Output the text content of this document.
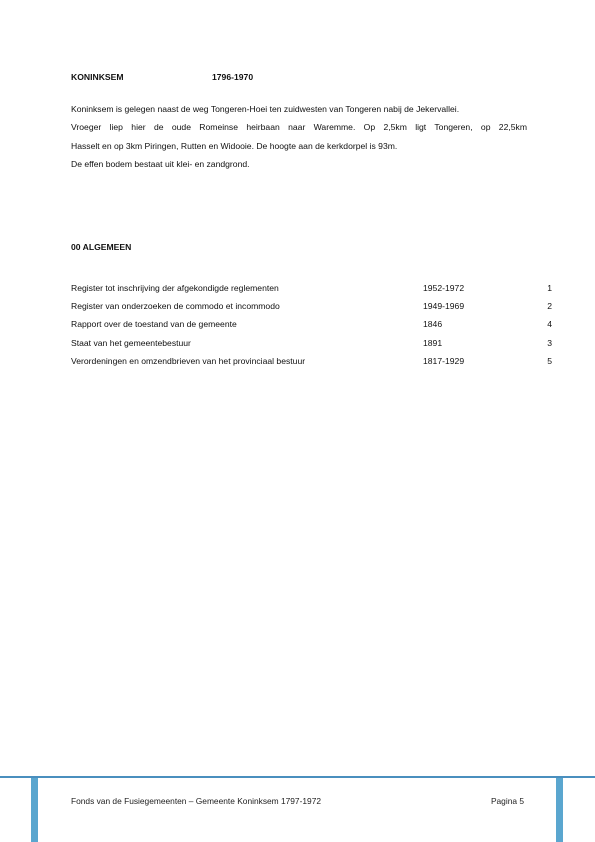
KONINKSEM	1796-1970
Koninksem is gelegen naast de weg Tongeren-Hoei ten zuidwesten van Tongeren nabij de Jekervallei.
Vroeger liep hier de oude Romeinse heirbaan naar Waremme. Op 2,5km ligt Tongeren, op 22,5km
Hasselt en op 3km Piringen, Rutten en Widooie. De hoogte aan de kerkdorpel is 93m.
De effen bodem bestaat uit klei- en zandgrond.
00 ALGEMEEN
Register tot inschrijving der afgekondigde reglementen	1952-1972	1
Register van onderzoeken de commodo et incommodo	1949-1969	2
Rapport over de toestand van de gemeente	1846	4
Staat van het gemeentebestuur	1891	3
Verordeningen en omzendbrieven van het provinciaal bestuur	1817-1929	5
Fonds van de Fusiegemeenten – Gemeente Koninksem 1797-1972	Pagina 5
